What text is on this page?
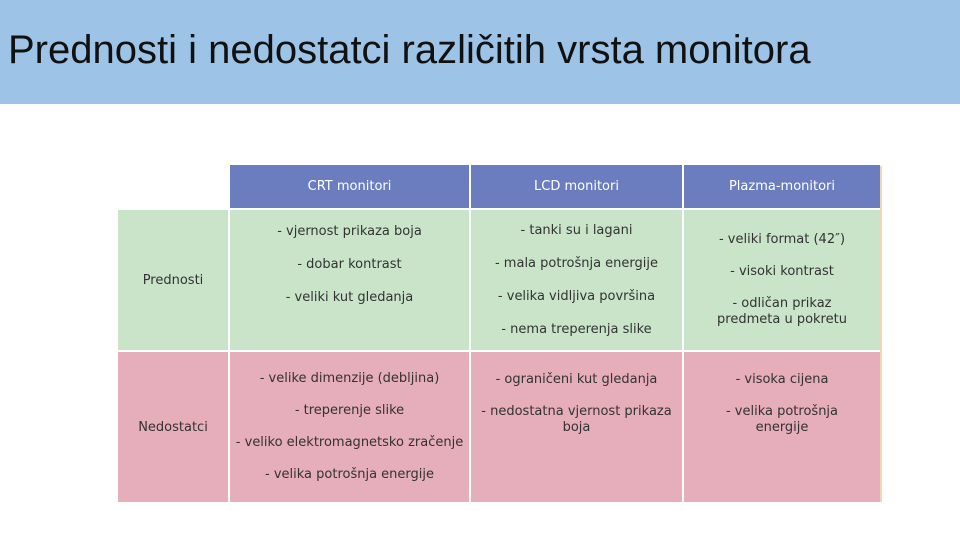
Prednosti i nedostatci različitih vrsta monitora
CRT monitori	LCD monitori	Plazma-monitori
Prednosti
- vjernost prikaza boja
- dobar kontrast
- veliki kut gledanja
- tanki su i lagani
- mala potrošnja energije
- velika vidljiva površina
- nema treperenja slike
- veliki format (42″)
- visoki kontrast
- odličan prikaz
predmeta u pokretu
Nedostatci
- velike dimenzije (debljina)
- treperenje slike
- veliko elektromagnetsko zračenje
- velika potrošnja energije
- ograničeni kut gledanja
- nedostatna vjernost prikaza
boja
- visoka cijena
- velika potrošnja
energije
